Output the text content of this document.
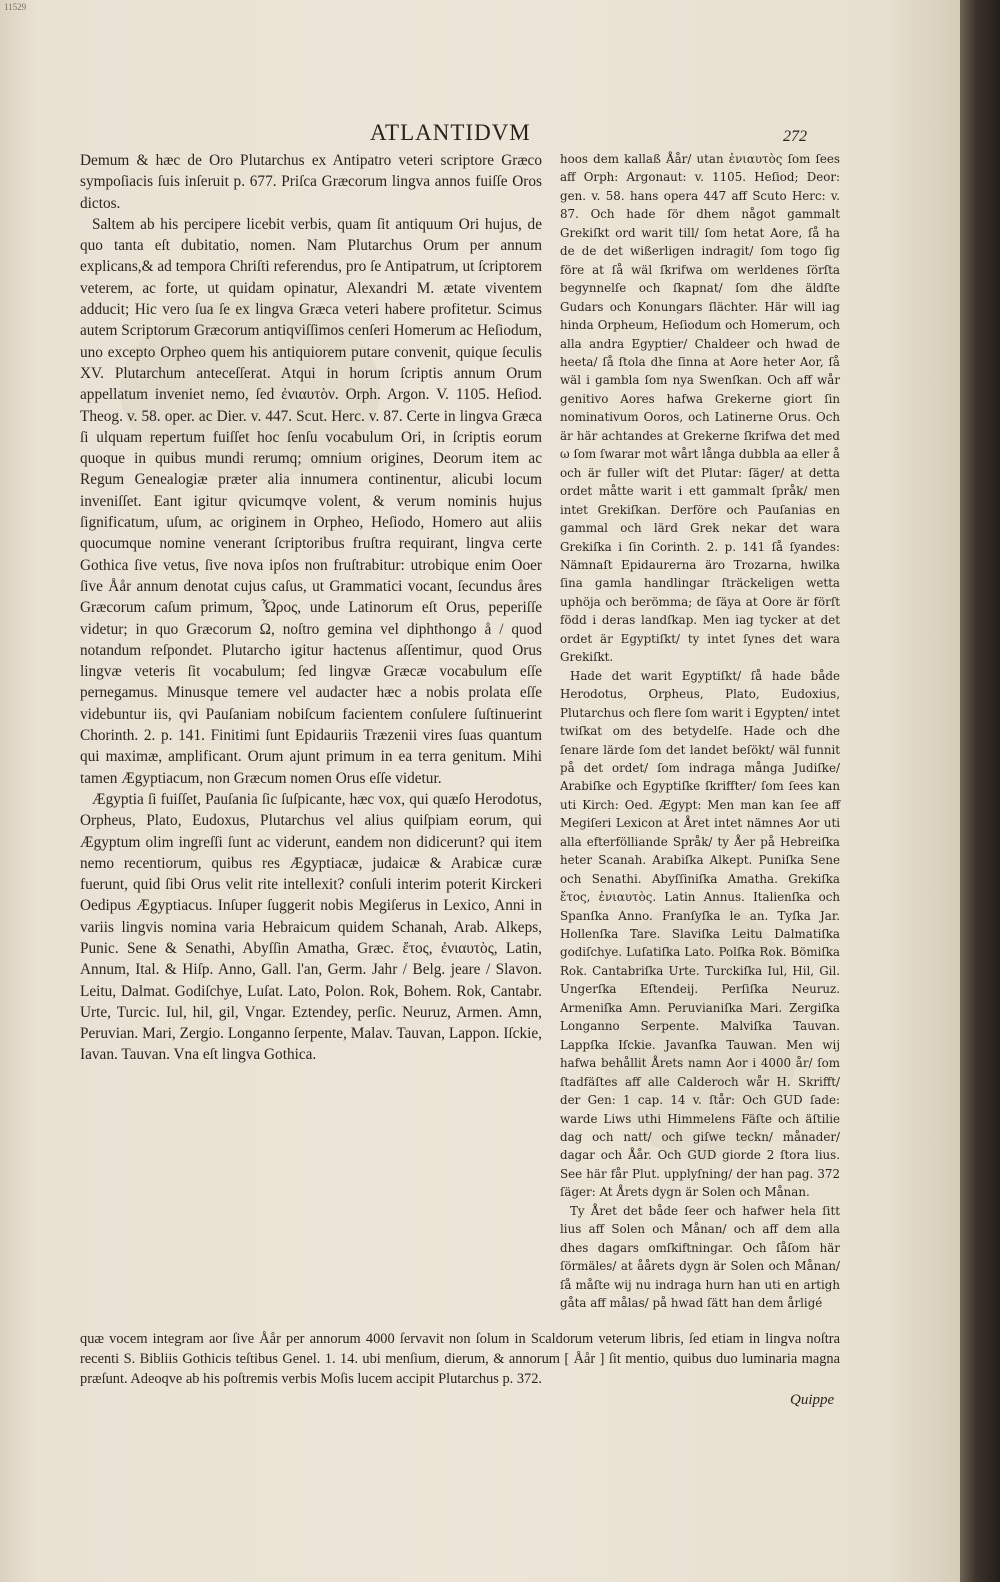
11529
ATLANTIDVM	272

Demum & hæc de Oro Plutarchus ex Antipatro veteri scriptore Græco sympoſiacis ſuis inſeruit p. 677. Priſca Græcorum lingva annos fuiſſe Oros dictos.

Saltem ab his percipere licebit verbis, quam ſit antiquum Ori hujus, de quo tanta eſt dubitatio, nomen. Nam Plutarchus Orum per annum explicans,& ad tempora Chriſti referendus, pro ſe Antipatrum, ut ſcriptorem veterem, ac forte, ut quidam opinatur, Alexandri M. ætate viventem adducit; Hic vero ſua ſe ex lingva Græca veteri habere profitetur. Scimus autem Scriptorum Græcorum antiqviſſimos cenſeri Homerum ac Heſiodum, uno excepto Orpheo quem his antiquiorem putare convenit, quique ſeculis XV. Plutarchum anteceſſerat. Atqui in horum ſcriptis annum Orum appellatum inveniet nemo, ſed ἐνιαυτὸν. Orph. Argon. V. 1105. Heſiod. Theog. v. 58. oper. ac Dier. v. 447. Scut. Herc. v. 87. Certe in lingva Græca ſi ulquam repertum fuiſſet hoc ſenſu vocabulum Ori, in ſcriptis eorum quoque in quibus mundi rerumq; omnium origines, Deorum item ac Regum Genealogiæ præter alia innumera continentur, alicubi locum inveniſſet. Eant igitur qvicumqve volent, & verum nominis hujus ſignificatum, uſum, ac originem in Orpheo, Heſiodo, Homero aut aliis quocumque nomine venerant ſcriptoribus fruſtra requirant, lingva certe Gothica ſive vetus, ſive nova ipſos non fruſtrabitur: utrobique enim Ooer ſive Åår annum denotat cujus caſus, ut Grammatici vocant, ſecundus åres Græcorum caſum primum, Ὧρος, unde Latinorum eſt Orus, peperiſſe videtur; in quo Græcorum Ω, noſtro gemina vel diphthongo å / quod notandum reſpondet. Plutarcho igitur hactenus aſſentimur, quod Orus lingvæ veteris ſit vocabulum; ſed lingvæ Græcæ vocabulum eſſe pernegamus. Minusque temere vel audacter hæc a nobis prolata eſſe videbuntur iis, qvi Pauſaniam nobiſcum facientem conſulere ſuſtinuerint Chorinth. 2. p. 141. Finitimi ſunt Epidauriis Træzenii vires ſuas quantum qui maximæ, amplificant. Orum ajunt primum in ea terra genitum. Mihi tamen Ægyptiacum, non Græcum nomen Orus eſſe videtur.

Ægyptia ſi fuiſſet, Pauſania ſic ſuſpicante, hæc vox, qui quæſo Herodotus, Orpheus, Plato, Eudoxus, Plutarchus vel alius quiſpiam eorum, qui Ægyptum olim ingreſſi ſunt ac viderunt, eandem non didicerunt? qui item nemo recentiorum, quibus res Ægyptiacæ, judaicæ & Arabicæ curæ fuerunt, quid ſibi Orus velit rite intellexit? conſuli interim poterit Kirckeri Oedipus Ægyptiacus. Inſuper ſuggerit nobis Megiſerus in Lexico, Anni in variis lingvis nomina varia Hebraicum quidem Schanah, Arab. Alkeps, Punic. Sene & Senathi, Abyſſin Amatha, Græc. ἔτος, ἐνιαυτὸς, Latin, Annum, Ital. & Hiſp. Anno, Gall. l'an, Germ. Jahr / Belg. jeare / Slavon. Leitu, Dalmat. Godiſchye, Luſat. Lato, Polon. Rok, Bohem. Rok, Cantabr. Urte, Turcic. Iul, hil, gil, Vngar. Eztendey, perſic. Neuruz, Armen. Amn, Peruvian. Mari, Zergio. Longanno ſerpente, Malav. Tauvan, Lappon. Iſckie, Iavan. Tauvan. Vna eſt lingva Gothica.

hoos dem kallaß Åår/ utan ἐνιαυτὸς ſom ſees aff Orph: Argonaut: v. 1105. Heſiod; Deor: gen. v. 58. hans opera 447 aff Scuto Herc: v. 87. Och hade ſör dhem något gammalt Grekiſkt ord warit till/ ſom hetat Aore, ſå ha de de det wißerligen indragit/ ſom togo ſig före at ſå wäl ſkrifwa om werldenes ſörſta begynnelſe och ſkapnat/ ſom dhe äldſte Gudars och Konungars ſlächter. Här will iag hinda Orpheum, Heſiodum och Homerum, och alla andra Egyptier/ Chaldeer och hwad de heeta/ ſå ſtola dhe ſinna at Aore heter Aor, ſå wäl i gambla ſom nya Swenſkan. Och aff wår genitivo Aores hafwa Grekerne giort ſin nominativum Ooros, och Latinerne Orus. Och är här achtandes at Grekerne ſkrifwa det med ω ſom ſwarar mot wårt långa dubbla aa eller å och är fuller wiſt det Plutar: ſäger/ at detta ordet måtte warit i ett gammalt ſpråk/ men intet Grekiſkan. Derföre och Pauſanias en gammal och lärd Grek nekar det wara Grekiſka i ſin Corinth. 2. p. 141 ſå ſyandes: Nämnaſt Epidaurerna äro Trozarna, hwilka ſina gamla handlingar ſträckeligen wetta uphöja och berömma; de ſäya at Oore är förſt född i deras landſkap. Men iag tycker at det ordet är Egyptiſkt/ ty intet ſynes det wara Grekiſkt.

Hade det warit Egyptiſkt/ ſå hade både Herodotus, Orpheus, Plato, Eudoxius, Plutarchus och flere ſom warit i Egypten/ intet twiſkat om des betydelſe. Hade och dhe ſenare lärde ſom det landet beſökt/ wäl funnit på det ordet/ ſom indraga många Judiſke/ Arabiſke och Egyptiſke ſkriffter/ ſom ſees kan uti Kirch: Oed. Ægypt: Men man kan ſee aff Megiſeri Lexicon at Året intet nämnes Aor uti alla efterfölliande Språk/ ty Åer på Hebreiſka heter Scanah. Arabiſka Alkept. Puniſka Sene och Senathi. Abyſſiniſka Amatha. Grekiſka ἔτος, ἐνιαυτὸς. Latin Annus. Italienſka och Spanſka Anno. Franſyſka le an. Tyſka Jar. Hollenſka Tare. Slaviſka Leitu Dalmatiſka godiſchye. Luſatiſka Lato. Polſka Rok. Bömiſka Rok. Cantabriſka Urte. Turckiſka Iul, Hil, Gil. Ungerſka Eſtendeij. Perſiſka Neuruz. Armeniſka Amn. Peruvianiſka Mari. Zergiſka Longanno Serpente. Malviſka Tauvan. Lappſka Iſckie. Javanſka Tauwan. Men wij hafwa behållit Årets namn Aor i 4000 år/ ſom ſtadfäſtes aff alle Calderoch wår H. Skrifft/ der Gen: 1 cap. 14 v. ſtår: Och GUD ſade: warde Liws uthi Himmelens Fäſte och äſtilie dag och natt/ och giſwe teckn/ månader/ dagar och Åår. Och GUD giorde 2 ſtora lius. See här får Plut. upplyſning/ der han pag. 372 ſäger: At Årets dygn är Solen och Månan.

Ty Året det både ſeer och hafwer hela ſitt lius aff Solen och Månan/ och aff dem alla dhes dagars omſkiftningar. Och ſåſom här ſörmäles/ at åårets dygn är Solen och Månan/ ſå måſte wij nu indraga hurn han uti en artigh gåta aff målas/ på hwad ſätt han dem årligé

quæ vocem integram aor ſive Åår per annorum 4000 ſervavit non ſolum in Scaldorum veterum libris, ſed etiam in lingva noſtra recenti S. Bibliis Gothicis teſtibus Genel. 1. 14. ubi menſium, dierum, & annorum [ Åår ] ſit mentio, quibus duo luminaria magna præſunt. Adeoqve ab his poſtremis verbis Moſis lucem accipit Plutarchus p. 372.
Quippe
